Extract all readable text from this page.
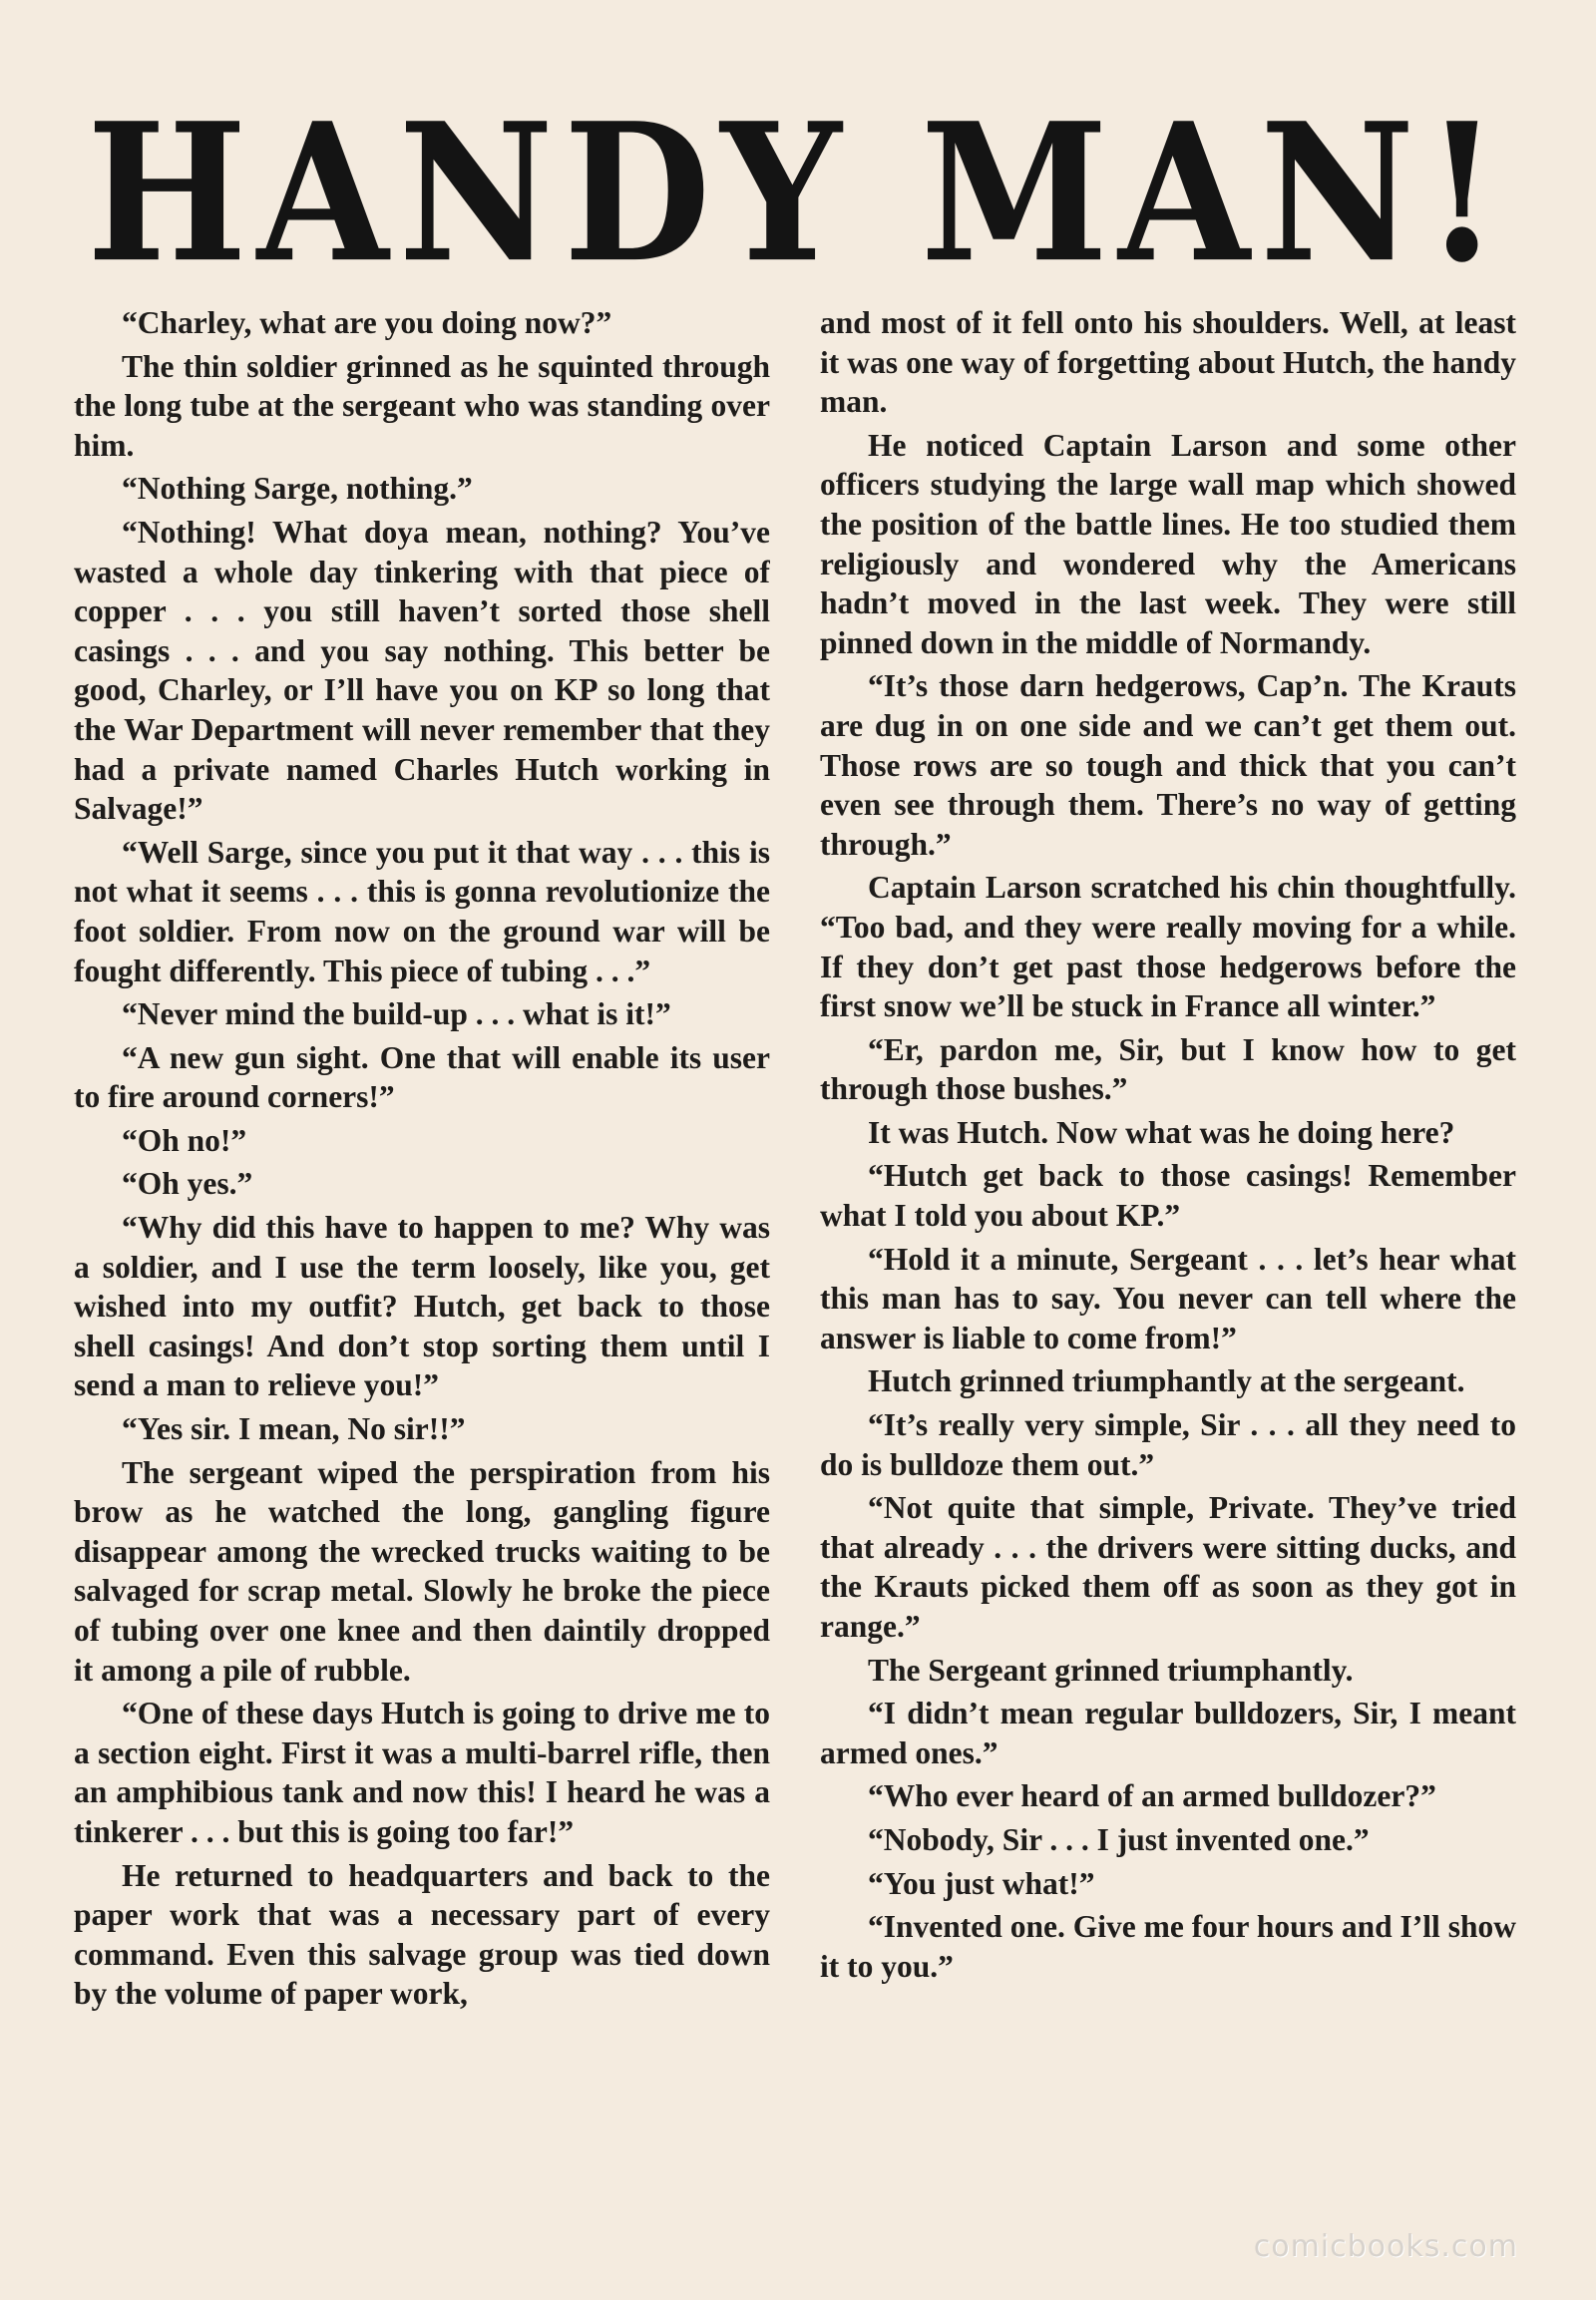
HANDY MAN!

“Charley, what are you doing now?”

The thin soldier grinned as he squinted through the long tube at the sergeant who was standing over him.

“Nothing Sarge, nothing.”

“Nothing! What doya mean, nothing? You’ve wasted a whole day tinkering with that piece of copper . . . you still haven’t sorted those shell casings . . . and you say nothing. This better be good, Charley, or I’ll have you on KP so long that the War Department will never remember that they had a private named Charles Hutch working in Salvage!”

“Well Sarge, since you put it that way . . . this is not what it seems . . . this is gonna revolutionize the foot soldier. From now on the ground war will be fought differently. This piece of tubing . . .”

“Never mind the build-up . . . what is it!”

“A new gun sight. One that will enable its user to fire around corners!”

“Oh no!”

“Oh yes.”

“Why did this have to happen to me? Why was a soldier, and I use the term loosely, like you, get wished into my outfit? Hutch, get back to those shell casings! And don’t stop sorting them until I send a man to relieve you!”

“Yes sir. I mean, No sir!!”

The sergeant wiped the perspiration from his brow as he watched the long, gangling figure disappear among the wrecked trucks waiting to be salvaged for scrap metal. Slowly he broke the piece of tubing over one knee and then daintily dropped it among a pile of rubble.

“One of these days Hutch is going to drive me to a section eight. First it was a multi-barrel rifle, then an amphibious tank and now this! I heard he was a tinkerer . . . but this is going too far!”

He returned to headquarters and back to the paper work that was a necessary part of every command. Even this salvage group was tied down by the volume of paper work,

and most of it fell onto his shoulders. Well, at least it was one way of forgetting about Hutch, the handy man.

He noticed Captain Larson and some other officers studying the large wall map which showed the position of the battle lines. He too studied them religiously and wondered why the Americans hadn’t moved in the last week. They were still pinned down in the middle of Normandy.

“It’s those darn hedgerows, Cap’n. The Krauts are dug in on one side and we can’t get them out. Those rows are so tough and thick that you can’t even see through them. There’s no way of getting through.”

Captain Larson scratched his chin thoughtfully. “Too bad, and they were really moving for a while. If they don’t get past those hedgerows before the first snow we’ll be stuck in France all winter.”

“Er, pardon me, Sir, but I know how to get through those bushes.”

It was Hutch. Now what was he doing here?

“Hutch get back to those casings! Remember what I told you about KP.”

“Hold it a minute, Sergeant . . . let’s hear what this man has to say. You never can tell where the answer is liable to come from!”

Hutch grinned triumphantly at the sergeant.

“It’s really very simple, Sir . . . all they need to do is bulldoze them out.”

“Not quite that simple, Private. They’ve tried that already . . . the drivers were sitting ducks, and the Krauts picked them off as soon as they got in range.”

The Sergeant grinned triumphantly.

“I didn’t mean regular bulldozers, Sir, I meant armed ones.”

“Who ever heard of an armed bulldozer?”

“Nobody, Sir . . . I just invented one.”

“You just what!”

“Invented one. Give me four hours and I’ll show it to you.”

comicbooks.com
